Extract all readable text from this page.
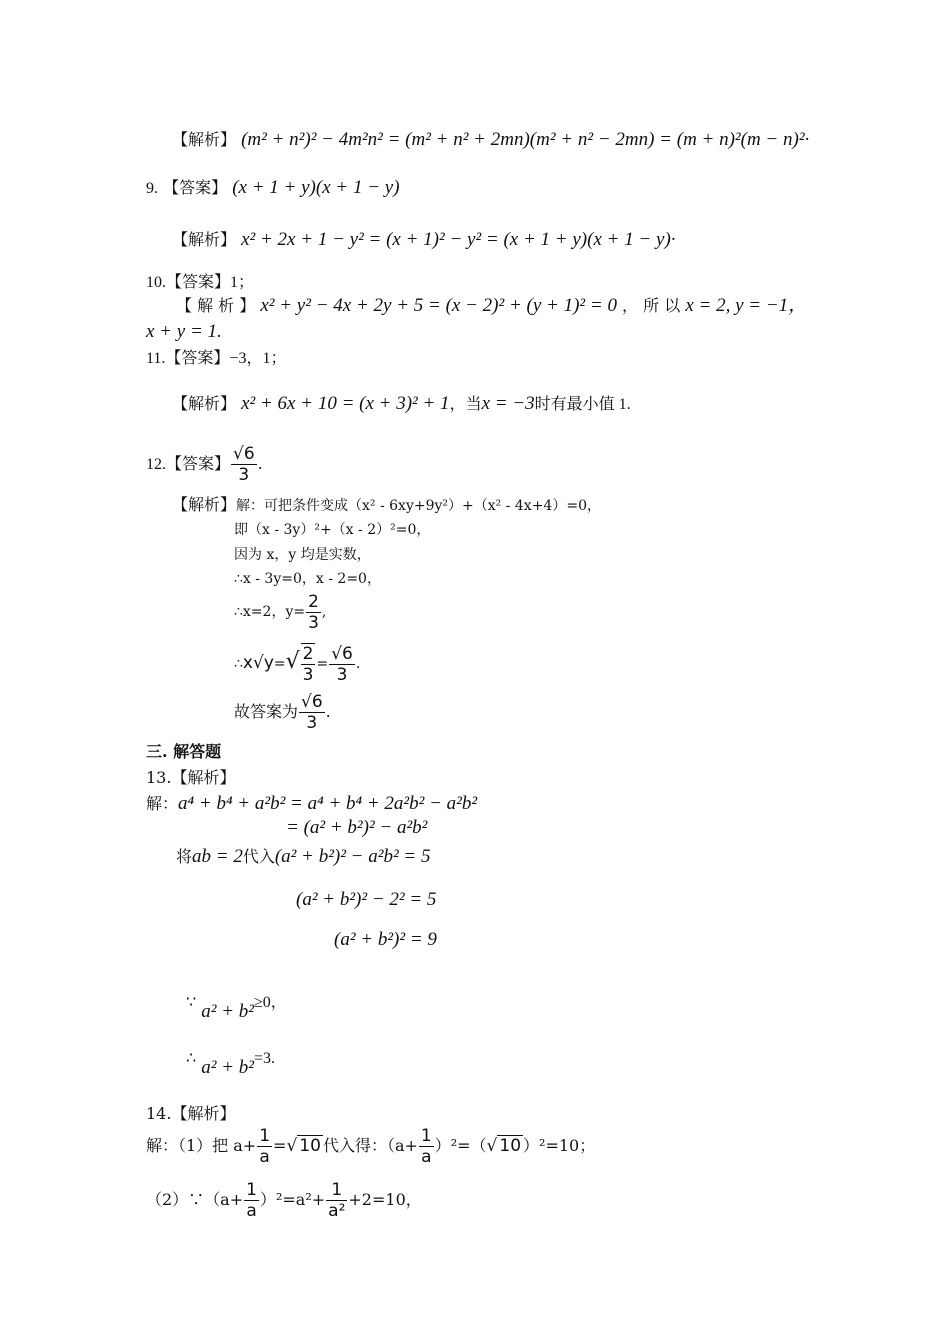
【解析】 (m² + n²)² − 4m²n² = (m² + n² + 2mn)(m² + n² − 2mn) = (m + n)²(m − n)²·
9. 【答案】 (x + 1 + y)(x + 1 − y)
【解析】 x² + 2x + 1 − y² = (x + 1)² − y² = (x + 1 + y)(x + 1 − y)·
10.【答案】1；
【 解 析 】 x² + y² − 4x + 2y + 5 = (x − 2)² + (y + 1)² = 0 ， 所 以 x = 2, y = −1，
x + y = 1.
11.【答案】−3，1；
【解析】 x² + 6x + 10 = (x + 3)² + 1，当x = −3时有最小值 1.
12.【答案】 $\frac{√6}{3}$ .
【解析】解：可把条件变成（x² - 6xy+9y²）+（x² - 4x+4）=0，
即（x - 3y）²+（x - 2）²=0，
因为 x，y 均是实数，
∴x - 3y=0，x - 2=0，
∴x=2，$y= \frac{2}{3}$ ,
∴x√y=√ $\frac{2}{3} = \frac{√6}{3}$ .
故答案为 $\frac{√6}{3}$ .
三. 解答题
13.【解析】
解：a⁴ + b⁴ + a²b² = a⁴ + b⁴ + 2a²b² − a²b²
= (a² + b²)² − a²b²
将ab = 2代入(a² + b²)² − a²b² = 5
(a² + b²)² − 2² = 5
(a² + b²)² = 9
∵ a² + b²≥0，
∴ a² + b²=3.
14.【解析】
解：（1）把 $a+ \frac{1}{a}$ =√ 10 代入得：$(a+ \frac{1}{a} )^2=(√$ 10 ）²=10；
（2）∵（a+ $\frac{1}{a} )^2=a^2+ \frac{1}{\text{a²}} +2=10$，
